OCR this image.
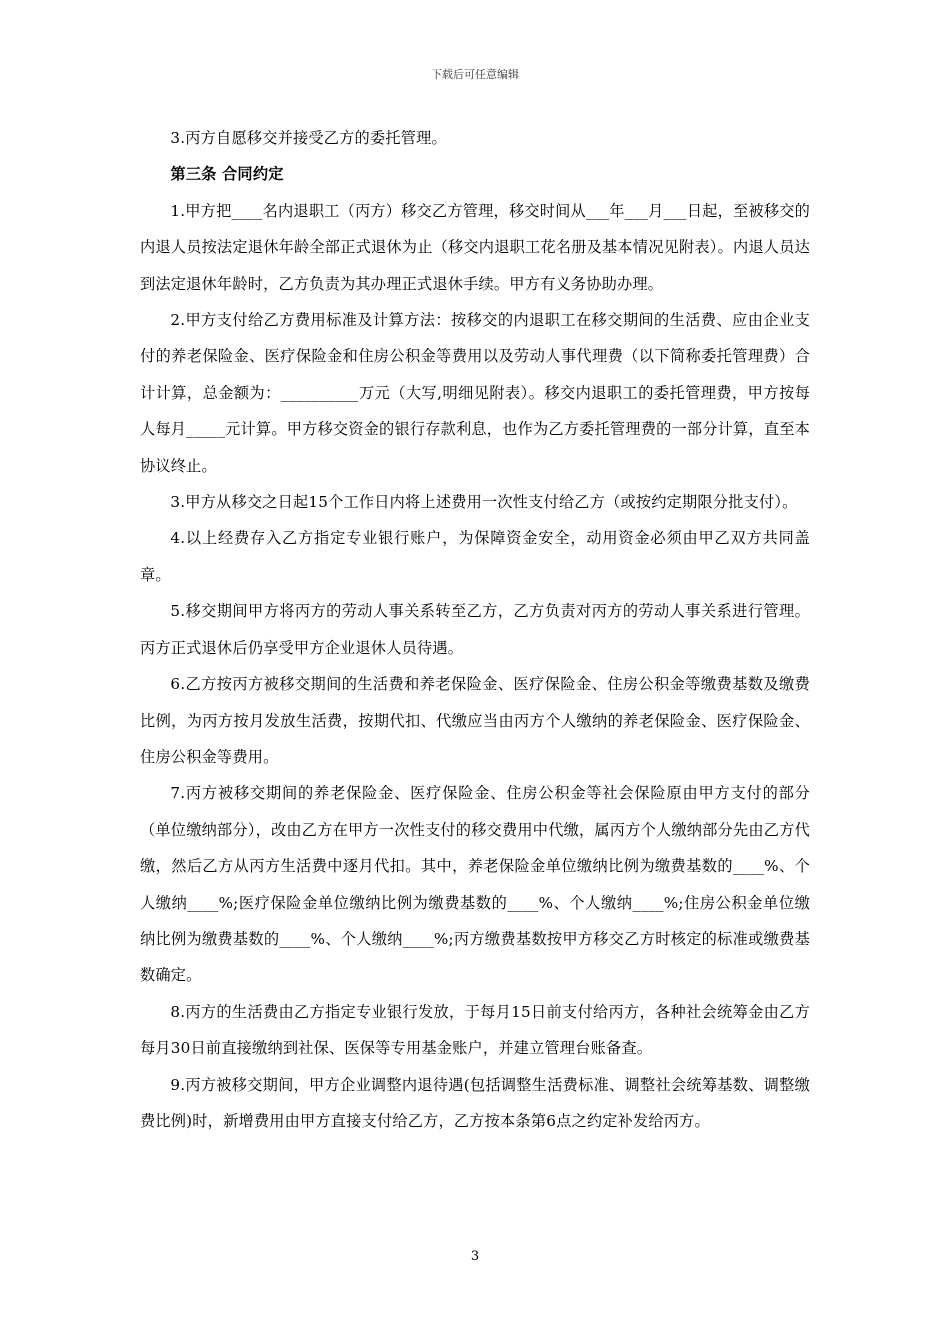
下载后可任意编辑

3.丙方自愿移交并接受乙方的委托管理。

第三条 合同约定

1.甲方把____名内退职工（丙方）移交乙方管理，移交时间从___年___月___日起，至被移交的内退人员按法定退休年龄全部正式退休为止（移交内退职工花名册及基本情况见附表）。内退人员达到法定退休年龄时，乙方负责为其办理正式退休手续。甲方有义务协助办理。

2.甲方支付给乙方费用标准及计算方法：按移交的内退职工在移交期间的生活费、应由企业支付的养老保险金、医疗保险金和住房公积金等费用以及劳动人事代理费（以下简称委托管理费）合计计算，总金额为：__________万元（大写,明细见附表）。移交内退职工的委托管理费，甲方按每人每月_____元计算。甲方移交资金的银行存款利息，也作为乙方委托管理费的一部分计算，直至本协议终止。

3.甲方从移交之日起15个工作日内将上述费用一次性支付给乙方（或按约定期限分批支付）。

4.以上经费存入乙方指定专业银行账户，为保障资金安全，动用资金必须由甲乙双方共同盖章。

5.移交期间甲方将丙方的劳动人事关系转至乙方，乙方负责对丙方的劳动人事关系进行管理。丙方正式退休后仍享受甲方企业退休人员待遇。

6.乙方按丙方被移交期间的生活费和养老保险金、医疗保险金、住房公积金等缴费基数及缴费比例，为丙方按月发放生活费，按期代扣、代缴应当由丙方个人缴纳的养老保险金、医疗保险金、住房公积金等费用。

7.丙方被移交期间的养老保险金、医疗保险金、住房公积金等社会保险原由甲方支付的部分（单位缴纳部分），改由乙方在甲方一次性支付的移交费用中代缴，属丙方个人缴纳部分先由乙方代缴，然后乙方从丙方生活费中逐月代扣。其中，养老保险金单位缴纳比例为缴费基数的____%、个人缴纳____%;医疗保险金单位缴纳比例为缴费基数的____%、个人缴纳____%;住房公积金单位缴纳比例为缴费基数的____%、个人缴纳____%;丙方缴费基数按甲方移交乙方时核定的标准或缴费基数确定。

8.丙方的生活费由乙方指定专业银行发放，于每月15日前支付给丙方，各种社会统筹金由乙方每月30日前直接缴纳到社保、医保等专用基金账户，并建立管理台账备查。

9.丙方被移交期间，甲方企业调整内退待遇(包括调整生活费标准、调整社会统筹基数、调整缴费比例)时，新增费用由甲方直接支付给乙方，乙方按本条第6点之约定补发给丙方。

3
